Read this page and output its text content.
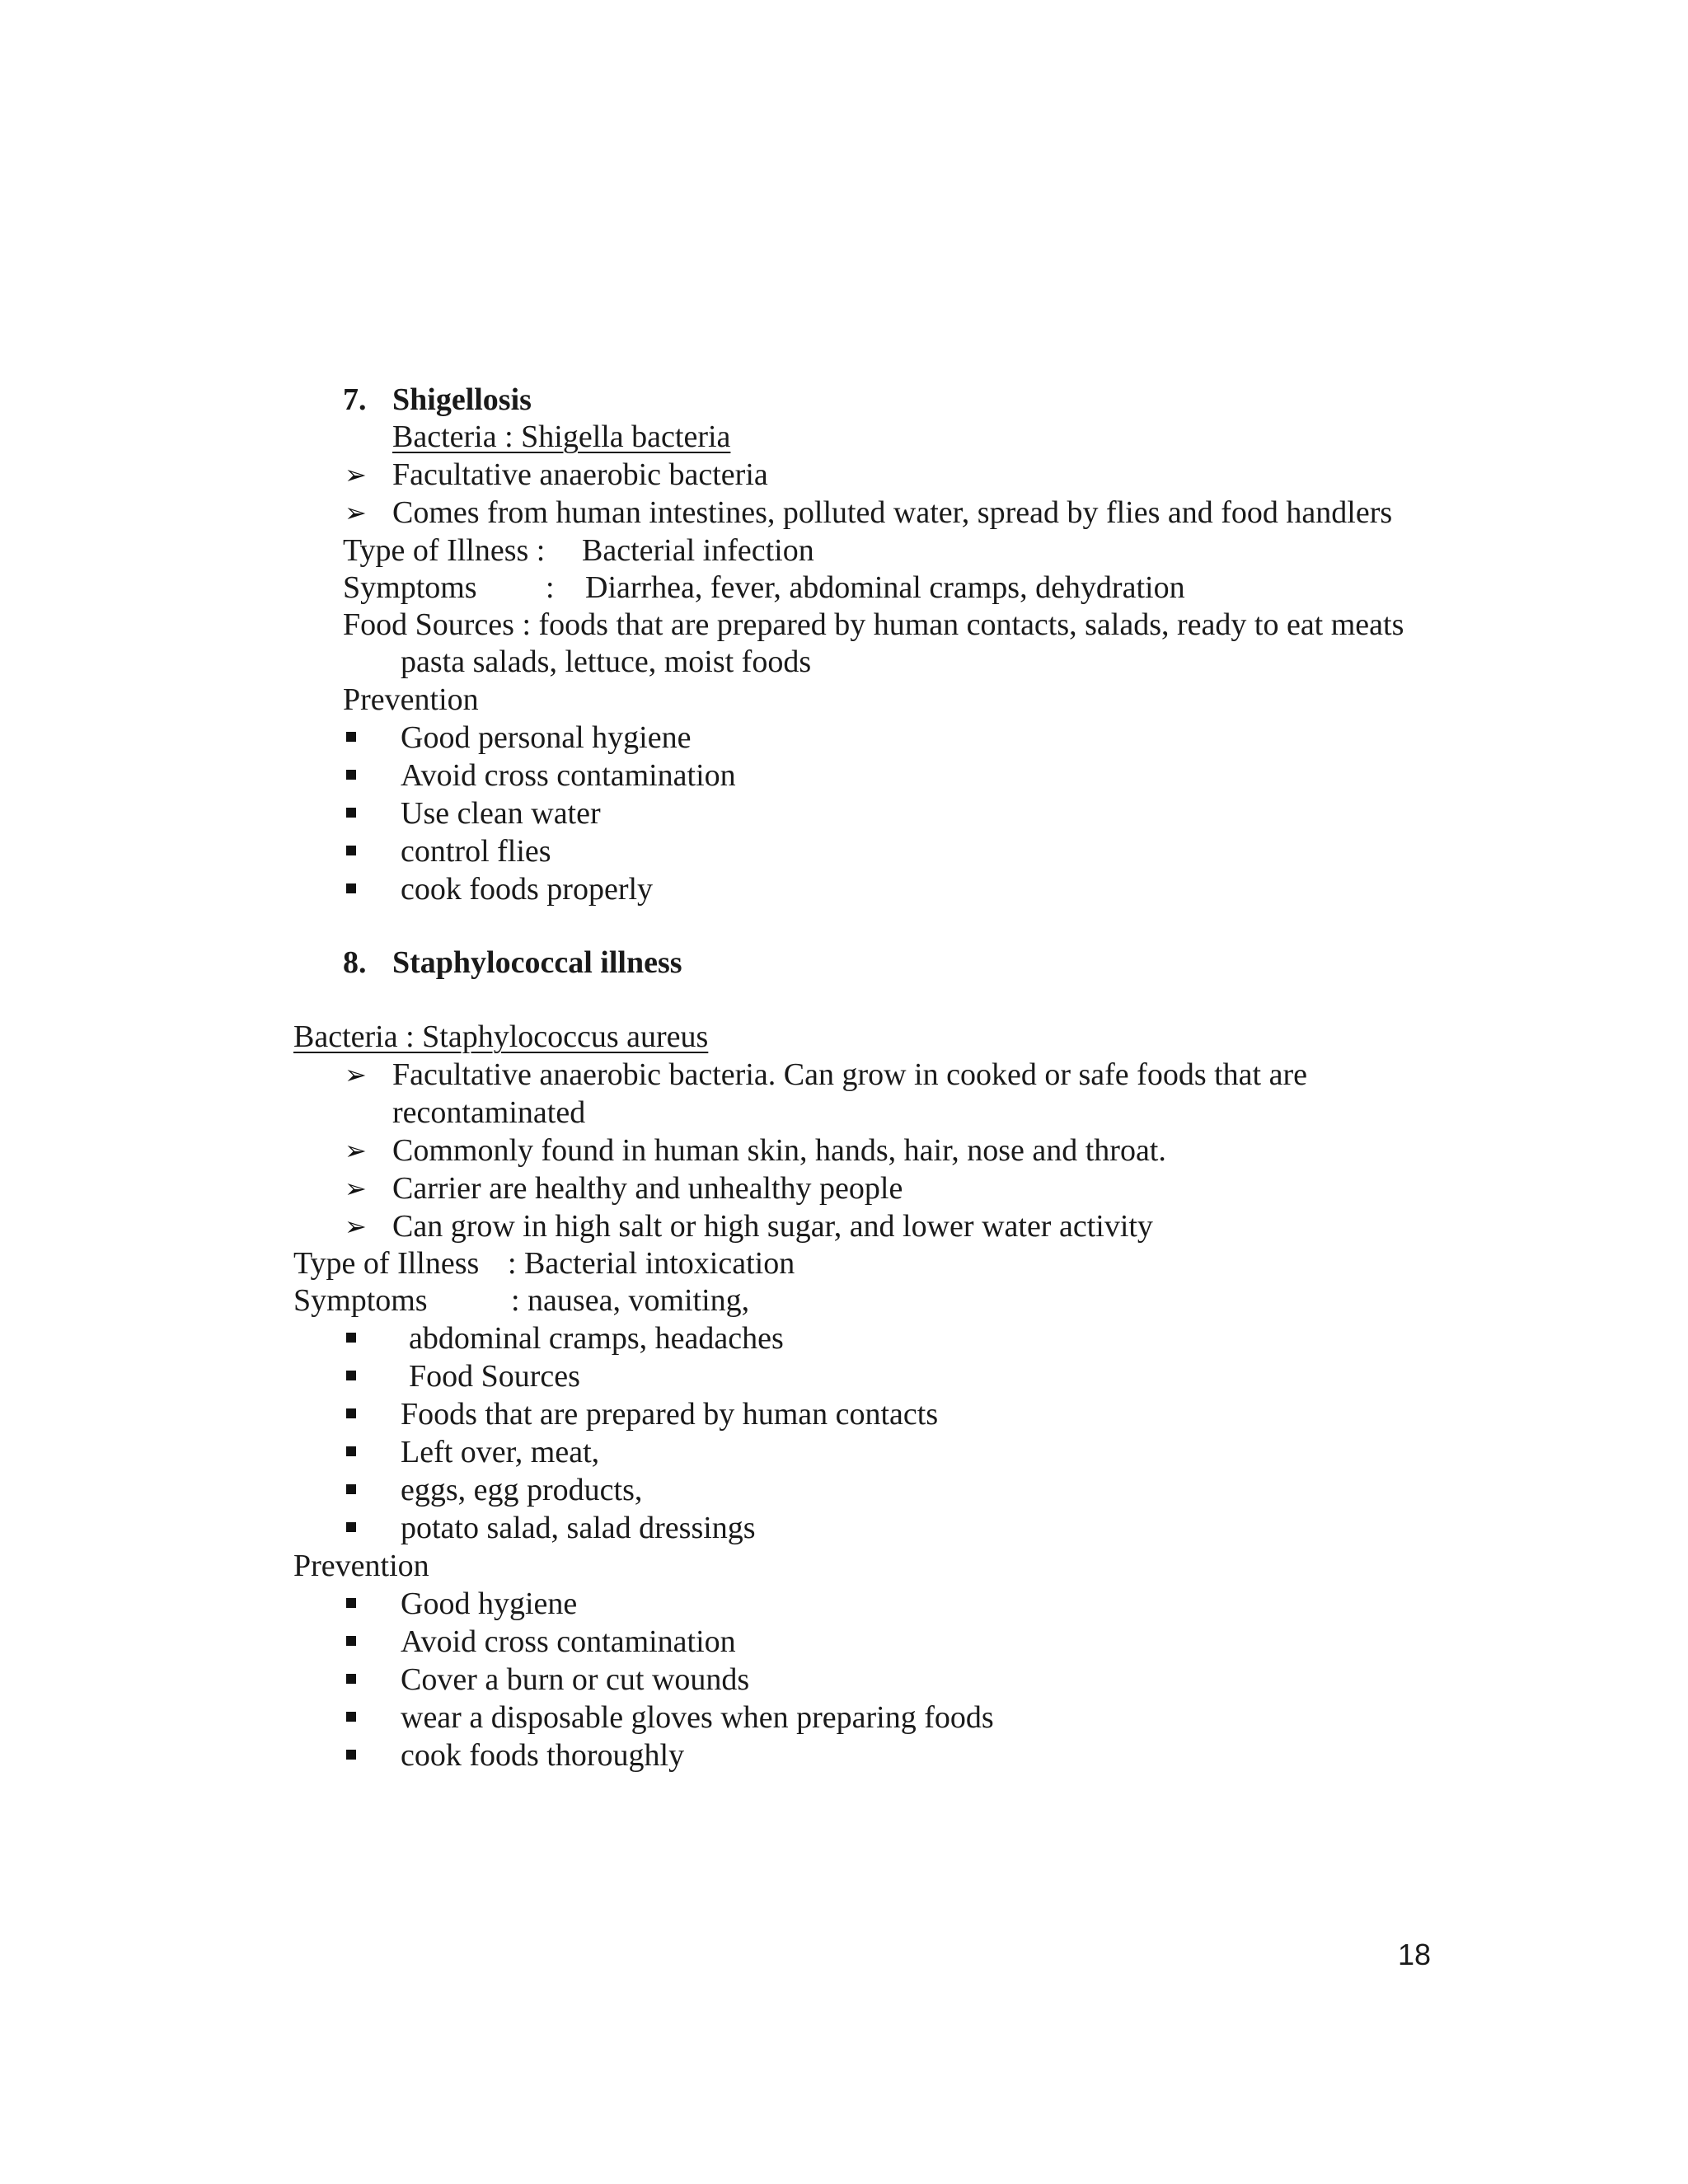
7. Shigellosis
Bacteria : Shigella bacteria
➢ Facultative anaerobic bacteria
➢ Comes from human intestines, polluted water, spread by flies and food handlers
Type of Illness : Bacterial infection
Symptoms : Diarrhea, fever, abdominal cramps, dehydration
Food Sources : foods that are prepared by human contacts, salads, ready to eat meats
pasta salads, lettuce, moist foods
Prevention
Good personal hygiene
Avoid cross contamination
Use clean water
control flies
cook foods properly
8. Staphylococcal illness
Bacteria : Staphylococcus aureus
➢ Facultative anaerobic bacteria. Can grow in cooked or safe foods that are
recontaminated
➢ Commonly found in human skin, hands, hair, nose and throat.
➢ Carrier are healthy and unhealthy people
➢ Can grow in high salt or high sugar, and lower water activity
Type of Illness : Bacterial intoxication
Symptoms	: nausea, vomiting,
abdominal cramps, headaches
Food Sources
Foods that are prepared by human contacts
Left over, meat,
eggs, egg products,
potato salad, salad dressings
Prevention
Good hygiene
Avoid cross contamination
Cover a burn or cut wounds
wear a disposable gloves when preparing foods
cook foods thoroughly
18
